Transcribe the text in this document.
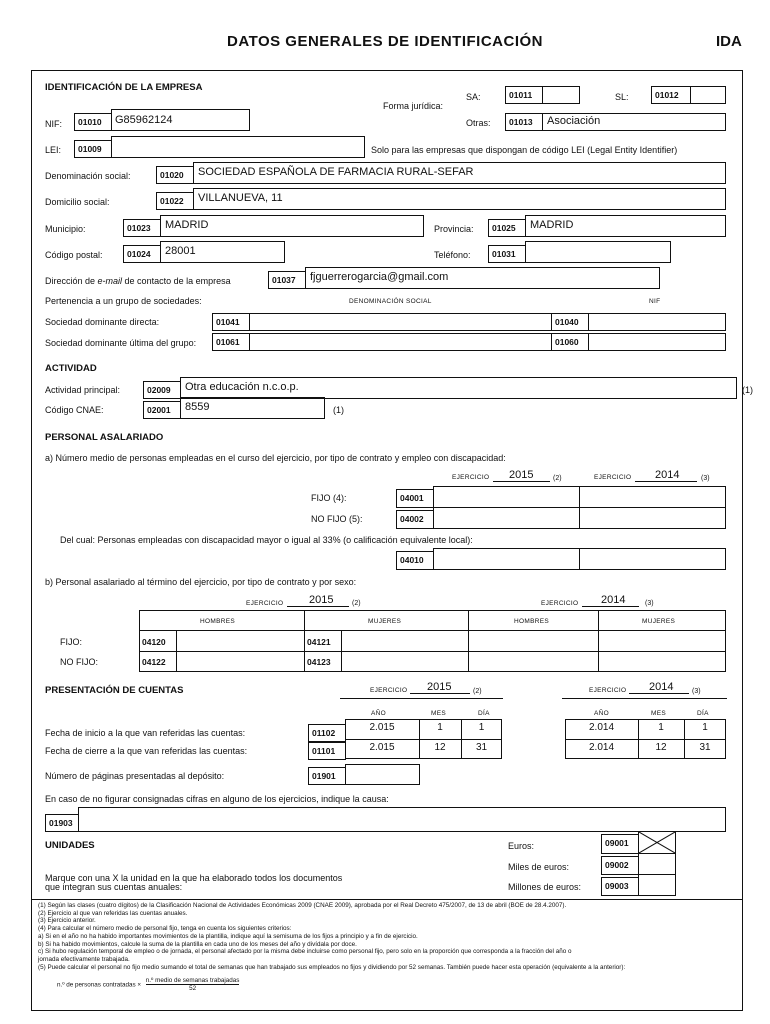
DATOS GENERALES DE IDENTIFICACIÓN	IDA
IDENTIFICACIÓN DE LA EMPRESA
Forma jurídica:
SA:	01011	SL:	01012
Otras:	01013	Asociación
NIF:	01010	G85962124
LEI:	01009	Solo para las empresas que dispongan de código LEI (Legal Entity Identifier)
Denominación social:	01020	SOCIEDAD ESPAÑOLA DE FARMACIA RURAL-SEFAR
Domicilio social:	01022	VILLANUEVA, 11
Municipio:	01023	MADRID	Provincia:	01025	MADRID
Código postal:	01024	28001	Teléfono:	01031
Dirección de e-mail de contacto de la empresa	01037	fjguerrerogarcia@gmail.com
Pertenencia a un grupo de sociedades:	DENOMINACIÓN SOCIAL	NIF
Sociedad dominante directa:	01041	01040
Sociedad dominante última del grupo:	01061	01060
ACTIVIDAD
Actividad principal:	02009	Otra educación n.c.o.p.	(1)
Código CNAE:	02001	8559	(1)
PERSONAL ASALARIADO
a) Número medio de personas empleadas en el curso del ejercicio, por tipo de contrato y empleo con discapacidad:
EJERCICIO 2015	(2)	EJERCICIO 2014	(3)
FIJO (4):	04001
NO FIJO (5):	04002
Del cual: Personas empleadas con discapacidad mayor o igual al 33% (o calificación equivalente local):
04010
b) Personal asalariado al término del ejercicio, por tipo de contrato y por sexo:
EJERCICIO 2015	(2)	EJERCICIO 2014	(3)
HOMBRES	MUJERES	HOMBRES	MUJERES
FIJO:	04120	04121
NO FIJO:	04122	04123
PRESENTACIÓN DE CUENTAS	EJERCICIO 2015	(2)	EJERCICIO 2014	(3)
AÑO	MES	DÍA	AÑO	MES	DÍA
Fecha de inicio a la que van referidas las cuentas:	01102	2.015	1	1	2.014	1	1
Fecha de cierre a la que van referidas las cuentas:	01101	2.015	12	31	2.014	12	31
Número de páginas presentadas al depósito:	01901
En caso de no figurar consignadas cifras en alguno de los ejercicios, indique la causa:
01903
UNIDADES
Marque con una X la unidad en la que ha elaborado todos los documentos
que integran sus cuentas anuales:
Euros:	09001
Miles de euros:	09002
Millones de euros:	09003
(1) Según las clases (cuatro dígitos) de la Clasificación Nacional de Actividades Económicas 2009 (CNAE 2009), aprobada por el Real Decreto 475/2007, de 13 de abril (BOE de 28.4.2007).
(2) Ejercicio al que van referidas las cuentas anuales.
(3) Ejercicio anterior.
(4) Para calcular el número medio de personal fijo, tenga en cuenta los siguientes criterios:
a) Si en el año no ha habido importantes movimientos de la plantilla, indique aquí la semisuma de los fijos a principio y a fin de ejercicio.
b) Si ha habido movimientos, calcule la suma de la plantilla en cada uno de los meses del año y divídala por doce.
c) Si hubo regulación temporal de empleo o de jornada, el personal afectado por la misma debe incluirse como personal fijo, pero solo en la proporción que corresponda a la fracción del año o
jornada efectivamente trabajada.
(5) Puede calcular el personal no fijo medio sumando el total de semanas que han trabajado sus empleados no fijos y dividiendo por 52 semanas. También puede hacer esta operación (equivalente a la anterior):
n.º de personas contratadas ×
n.º medio de semanas trabajadas
52
